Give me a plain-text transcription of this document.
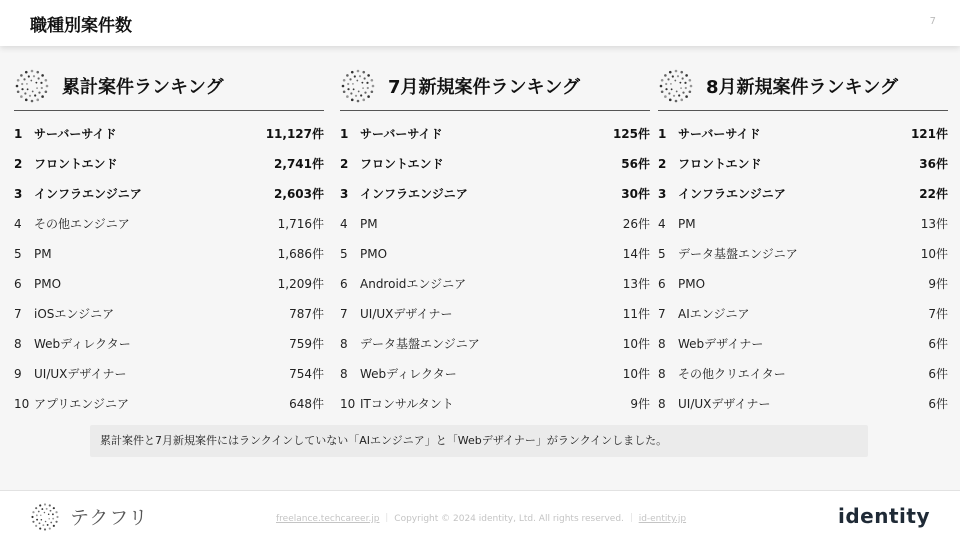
職種別案件数	7
累計案件ランキング
1 サーバーサイド	11,127件
2 フロントエンド	2,741件
3 インフラエンジニア	2,603件
4	その他エンジニア	1,716件
5	PM	1,686件
6	PMO	1,209件
7	iOSエンジニア	787件
8	Webディレクター	759件
9	UI/UXデザイナー	754件
10 アプリエンジニア	648件
7月新規案件ランキング
1 サーバーサイド	125件
2 フロントエンド	56件
3 インフラエンジニア	30件
4	PM	26件
5	PMO	14件
6	Androidエンジニア	13件
7	UI/UXデザイナー	11件
8	データ基盤エンジニア	10件
8	Webディレクター	10件
10 ITコンサルタント	9件
8月新規案件ランキング
1 サーバーサイド	121件
2 フロントエンド	36件
3 インフラエンジニア	22件
4	PM	13件
5	データ基盤エンジニア	10件
6	PMO	9件
7	AIエンジニア	7件
8	Webデザイナー	6件
8	その他クリエイター	6件
8	UI/UXデザイナー	6件
累計案件と7月新規案件にはランクインしていない「AIエンジニア」と「Webデザイナー」がランクインしました。
テクフリ	freelance.techcareer.jp ｜ Copyright © 2024 identity, Ltd. All rights reserved. ｜ id-entity.jp	identity
